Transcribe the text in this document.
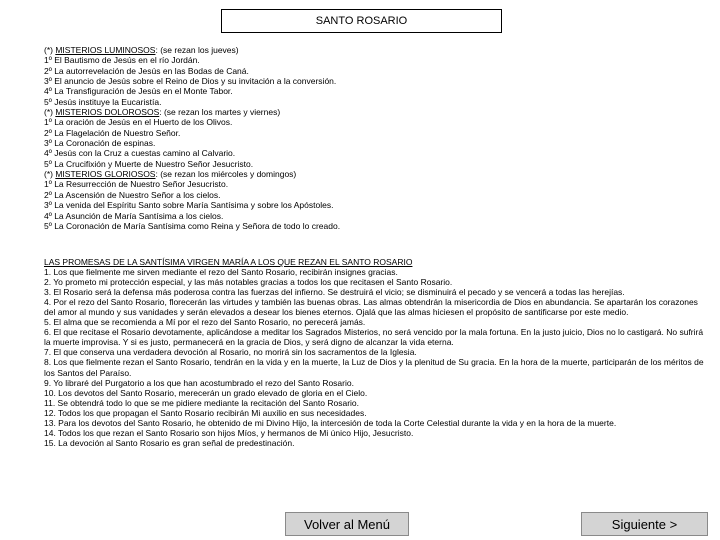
SANTO ROSARIO
(*) MISTERIOS LUMINOSOS: (se rezan los jueves)
1º El Bautismo de Jesús en el río Jordán.
2º La autorrevelación de Jesús en las Bodas de Caná.
3º El anuncio de Jesús sobre el Reino de Dios y su invitación a la conversión.
4º La Transfiguración de Jesús en el Monte Tabor.
5º Jesús instituye la Eucaristía.
(*) MISTERIOS DOLOROSOS: (se rezan los martes y viernes)
1º La oración de Jesús en el Huerto de los Olivos.
2º La Flagelación de Nuestro Señor.
3º La Coronación de espinas.
4º Jesús con la Cruz a cuestas camino al Calvario.
5º La Crucifixión y Muerte de Nuestro Señor Jesucristo.
(*) MISTERIOS GLORIOSOS: (se rezan los miércoles y domingos)
1º La Resurrección de Nuestro Señor Jesucristo.
2º La Ascensión de Nuestro Señor a los cielos.
3º La venida del Espíritu Santo sobre María Santísima y sobre los Apóstoles.
4º La Asunción de María Santísima a los cielos.
5º La Coronación de María Santísima como Reina y Señora de todo lo creado.
LAS PROMESAS DE LA SANTÍSIMA VIRGEN MARÍA A LOS QUE REZAN EL SANTO ROSARIO
1. Los que fielmente me sirven mediante el rezo del Santo Rosario, recibirán insignes gracias.
2. Yo prometo mi protección especial, y las más notables gracias a todos los que recitasen el Santo Rosario.
3. El Rosario será la defensa más poderosa contra las fuerzas del infierno. Se destruirá el vicio; se disminuirá el pecado y se vencerá a todas las herejías.
4. Por el rezo del Santo Rosario, florecerán las virtudes y también las buenas obras. Las almas obtendrán la misericordia de Dios en abundancia. Se apartarán los corazones del amor al mundo y sus vanidades y serán elevados a desear los bienes eternos. Ojalá que las almas hiciesen el propósito de santificarse por este medio.
5. El alma que se recomienda a Mí por el rezo del Santo Rosario, no perecerá jamás.
6. El que recitase el Rosario devotamente, aplicándose a meditar los Sagrados Misterios, no será vencido por la mala fortuna. En la justo juicio, Dios no lo castigará. No sufrirá la muerte improvisa. Y si es justo, permanecerá en la gracia de Dios, y será digno de alcanzar la vida eterna.
7. El que conserva una verdadera devoción al Rosario, no morirá sin los sacramentos de la Iglesia.
8. Los que fielmente rezan el Santo Rosario, tendrán en la vida y en la muerte, la Luz de Dios y la plenitud de Su gracia. En la hora de la muerte, participarán de los méritos de los Santos del Paraíso.
9. Yo libraré del Purgatorio a los que han acostumbrado el rezo del Santo Rosario.
10. Los devotos del Santo Rosario, merecerán un grado elevado de gloria en el Cielo.
11. Se obtendrá todo lo que se me pidiere mediante la recitación del Santo Rosario.
12. Todos los que propagan el Santo Rosario recibirán Mi auxilio en sus necesidades.
13. Para los devotos del Santo Rosario, he obtenido de mi Divino Hijo, la intercesión de toda la Corte Celestial durante la vida y en la hora de la muerte.
14. Todos los que rezan el Santo Rosario son hijos Míos, y hermanos de Mi único Hijo, Jesucristo.
15. La devoción al Santo Rosario es gran señal de predestinación.
Volver al Menú	Siguiente >
